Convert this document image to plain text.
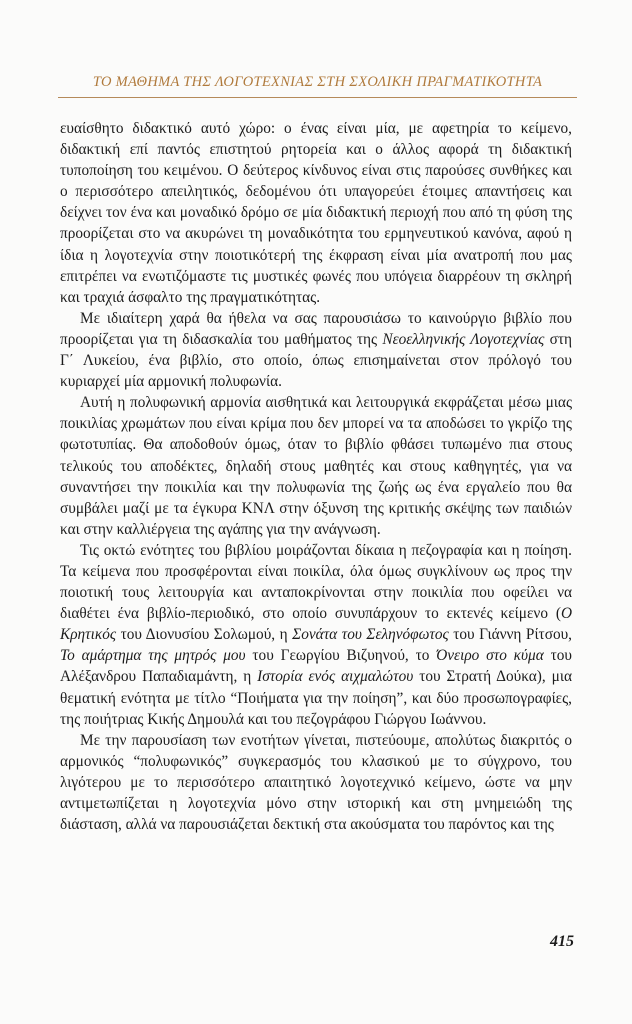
ΤΟ ΜΑΘΗΜΑ ΤΗΣ ΛΟΓΟΤΕΧΝΙΑΣ ΣΤΗ ΣΧΟΛΙΚΗ ΠΡΑΓΜΑΤΙΚΟΤΗΤΑ

ευαίσθητο διδακτικό αυτό χώρο: ο ένας είναι μία, με αφετηρία το κείμενο, διδακτική επί παντός επιστητού ρητορεία και ο άλλος αφορά τη διδακτική τυποποίηση του κειμένου. Ο δεύτερος κίνδυνος είναι στις παρούσες συνθήκες και ο περισσότερο απειλητικός, δεδομένου ότι υπαγορεύει έτοιμες απαντήσεις και δείχνει τον ένα και μοναδικό δρόμο σε μία διδακτική περιοχή που από τη φύση της προορίζεται στο να ακυρώνει τη μοναδικότητα του ερμηνευτικού κανόνα, αφού η ίδια η λογοτεχνία στην ποιοτικότερή της έκφραση είναι μία ανατροπή που μας επιτρέπει να ενωτιζόμαστε τις μυστικές φωνές που υπόγεια διαρρέουν τη σκληρή και τραχιά άσφαλτο της πραγματικότητας.

Με ιδιαίτερη χαρά θα ήθελα να σας παρουσιάσω το καινούργιο βιβλίο που προορίζεται για τη διδασκαλία του μαθήματος της Νεοελληνικής Λογοτεχνίας στη Γ΄ Λυκείου, ένα βιβλίο, στο οποίο, όπως επισημαίνεται στον πρόλογό του κυριαρχεί μία αρμονική πολυφωνία.

Αυτή η πολυφωνική αρμονία αισθητικά και λειτουργικά εκφράζεται μέσω μιας ποικιλίας χρωμάτων που είναι κρίμα που δεν μπορεί να τα αποδώσει το γκρίζο της φωτοτυπίας. Θα αποδοθούν όμως, όταν το βιβλίο φθάσει τυπωμένο πια στους τελικούς του αποδέκτες, δηλαδή στους μαθητές και στους καθηγητές, για να συναντήσει την ποικιλία και την πολυφωνία της ζωής ως ένα εργαλείο που θα συμβάλει μαζί με τα έγκυρα ΚΝΛ στην όξυνση της κριτικής σκέψης των παιδιών και στην καλλιέργεια της αγάπης για την ανάγνωση.

Τις οκτώ ενότητες του βιβλίου μοιράζονται δίκαια η πεζογραφία και η ποίηση. Τα κείμενα που προσφέρονται είναι ποικίλα, όλα όμως συγκλίνουν ως προς την ποιοτική τους λειτουργία και ανταποκρίνονται στην ποικιλία που οφείλει να διαθέτει ένα βιβλίο-περιοδικό, στο οποίο συνυπάρχουν το εκτενές κείμενο (Ο Κρητικός του Διονυσίου Σολωμού, η Σονάτα του Σεληνόφωτος του Γιάννη Ρίτσου, Το αμάρτημα της μητρός μου του Γεωργίου Βιζυηνού, το Όνειρο στο κύμα του Αλέξανδρου Παπαδιαμάντη, η Ιστορία ενός αιχμαλώτου του Στρατή Δούκα), μια θεματική ενότητα με τίτλο “Ποιήματα για την ποίηση”, και δύο προσωπογραφίες, της ποιήτριας Κικής Δημουλά και του πεζογράφου Γιώργου Ιωάννου.

Με την παρουσίαση των ενοτήτων γίνεται, πιστεύουμε, απολύτως διακριτός ο αρμονικός “πολυφωνικός” συγκερασμός του κλασικού με το σύγχρονο, του λιγότερου με το περισσότερο απαιτητικό λογοτεχνικό κείμενο, ώστε να μην αντιμετωπίζεται η λογοτεχνία μόνο στην ιστορική και στη μνημειώδη της διάσταση, αλλά να παρουσιάζεται δεκτική στα ακούσματα του παρόντος και της

415
